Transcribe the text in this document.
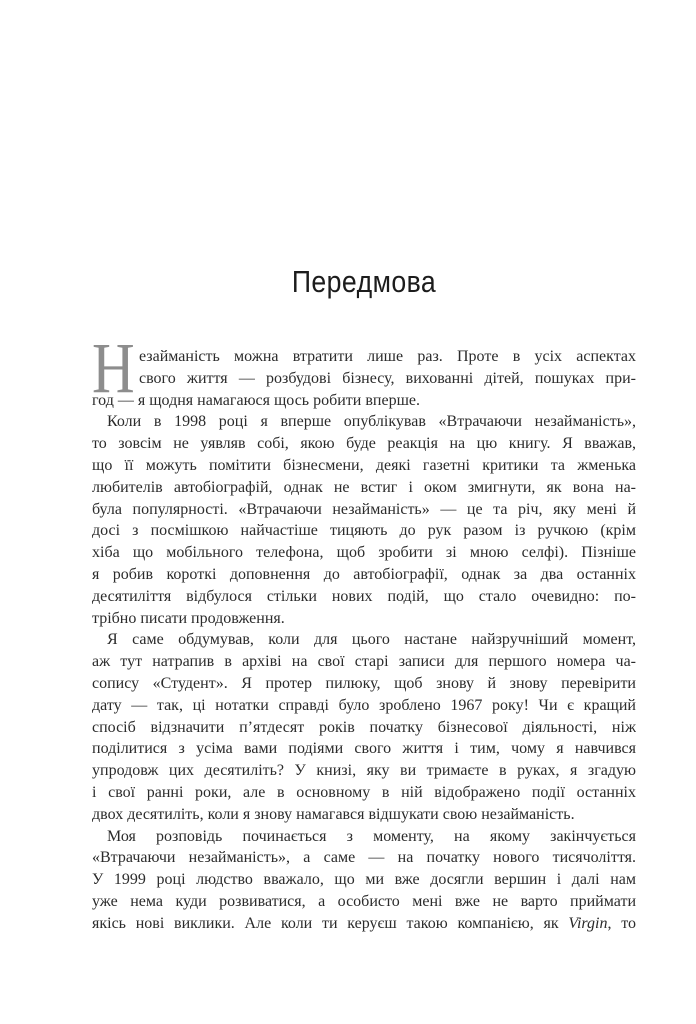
Передмова
Н езайманість можна втратити лише раз. Проте в усіх аспектах
свого життя — розбудові бізнесу, вихованні дітей, пошуках при-
год — я щодня намагаюся щось робити вперше.
Коли в 1998 році я вперше опублікував «Втрачаючи незайманість»,
то зовсім не уявляв собі, якою буде реакція на цю книгу. Я вважав,
що її можуть помітити бізнесмени, деякі газетні критики та жменька
любителів автобіографій, однак не встиг і оком змигнути, як вона на-
була популярності. «Втрачаючи незайманість» — це та річ, яку мені й
досі з посмішкою найчастіше тицяють до рук разом із ручкою (крім
хіба що мобільного телефона, щоб зробити зі мною селфі). Пізніше
я робив короткі доповнення до автобіографії, однак за два останніх
десятиліття відбулося стільки нових подій, що стало очевидно: по-
трібно писати продовження.
Я саме обдумував, коли для цього настане найзручніший момент,
аж тут натрапив в архіві на свої старі записи для першого номера ча-
сопису «Студент». Я протер пилюку, щоб знову й знову перевірити
дату — так, ці нотатки справді було зроблено 1967 року! Чи є кращий
спосіб відзначити п’ятдесят років початку бізнесової діяльності, ніж
поділитися з усіма вами подіями свого життя і тим, чому я навчився
упродовж цих десятиліть? У книзі, яку ви тримаєте в руках, я згадую
і свої ранні роки, але в основному в ній відображено події останніх
двох десятиліть, коли я знову намагався відшукати свою незайманість.
Моя розповідь починається з моменту, на якому закінчується
«Втрачаючи незайманість», а саме — на початку нового тисячоліття.
У 1999 році людство вважало, що ми вже досягли вершин і далі нам
уже нема куди розвиватися, а особисто мені вже не варто приймати
якісь нові виклики. Але коли ти керуєш такою компанією, як Virgin, то
